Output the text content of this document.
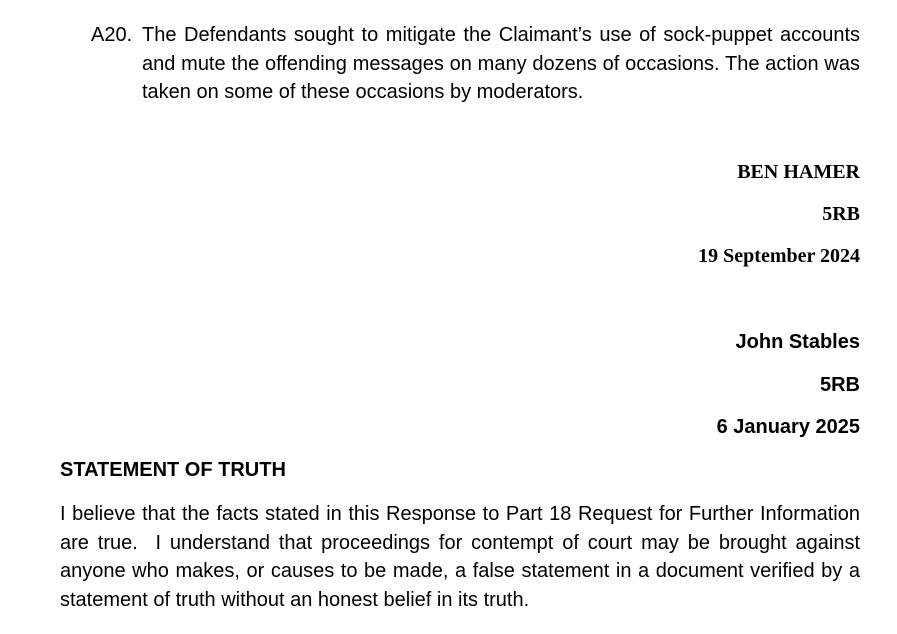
A20. The Defendants sought to mitigate the Claimant’s use of sock-puppet accounts and mute the offending messages on many dozens of occasions. The action was taken on some of these occasions by moderators.
BEN HAMER
5RB
19 September 2024
John Stables
5RB
6 January 2025
STATEMENT OF TRUTH
I believe that the facts stated in this Response to Part 18 Request for Further Information are true.  I understand that proceedings for contempt of court may be brought against anyone who makes, or causes to be made, a false statement in a document verified by a statement of truth without an honest belief in its truth.
